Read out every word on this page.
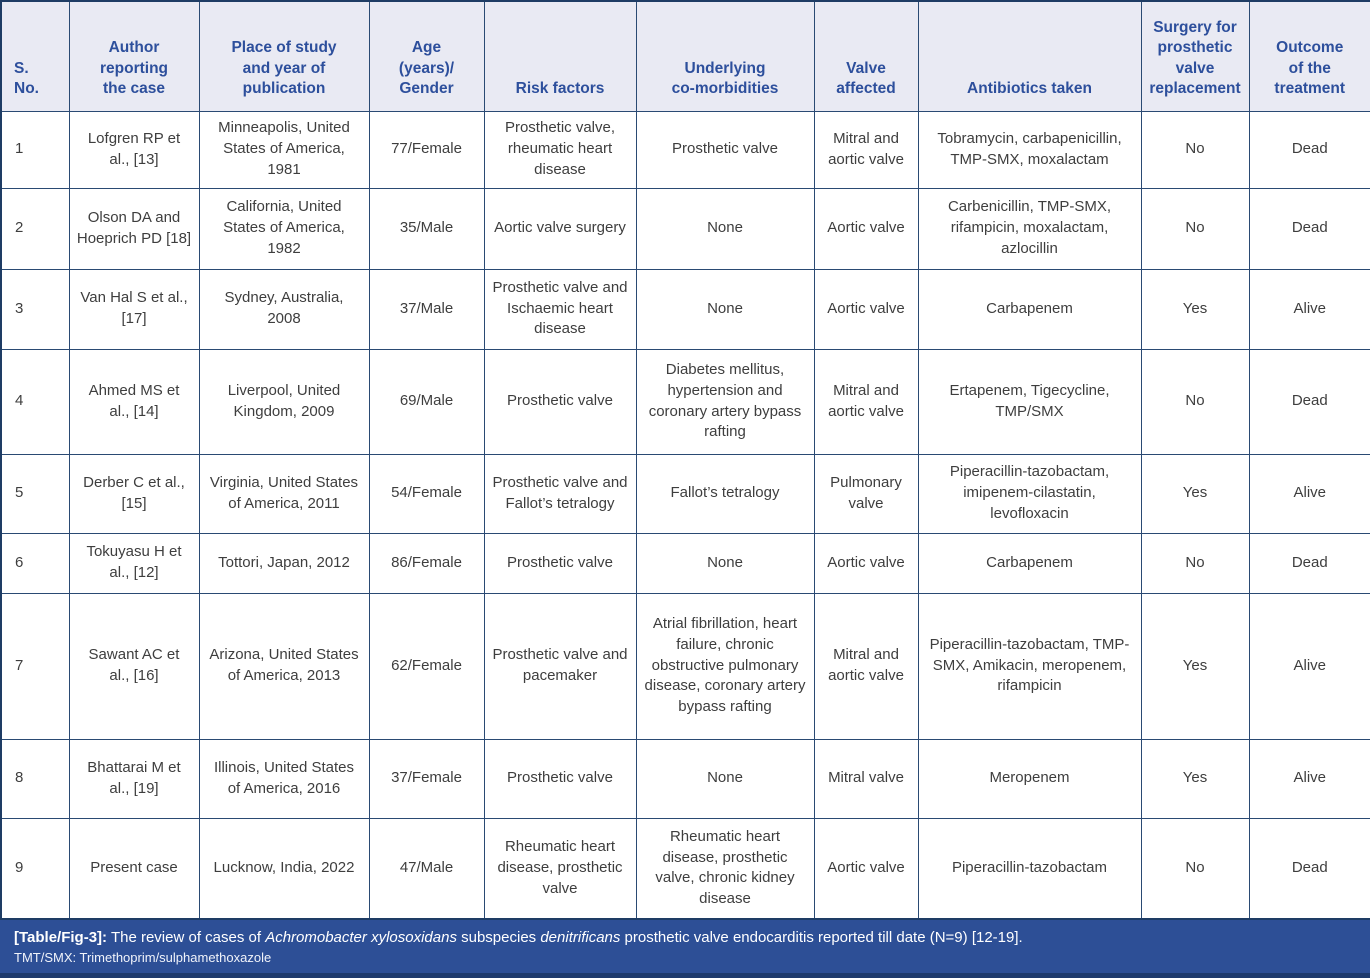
S.
No.	Author
reporting
the case	Place of study
and year of
publication	Age
(years)/
Gender	Risk factors	Underlying
co-morbidities	Valve
affected	Antibiotics taken	Surgery for
prosthetic
valve
replacement	Outcome
of the
treatment
1	Lofgren RP et al., [13]	Minneapolis, United States of America, 1981	77/Female	Prosthetic valve, rheumatic heart disease	Prosthetic valve	Mitral and aortic valve	Tobramycin, carbapenicillin, TMP-SMX, moxalactam	No	Dead
2	Olson DA and Hoeprich PD [18]	California, United States of America, 1982	35/Male	Aortic valve surgery	None	Aortic valve	Carbenicillin, TMP-SMX, rifampicin, moxalactam, azlocillin	No	Dead
3	Van Hal S et al., [17]	Sydney, Australia, 2008	37/Male	Prosthetic valve and Ischaemic heart disease	None	Aortic valve	Carbapenem	Yes	Alive
4	Ahmed MS et al., [14]	Liverpool, United Kingdom, 2009	69/Male	Prosthetic valve	Diabetes mellitus, hypertension and coronary artery bypass rafting	Mitral and aortic valve	Ertapenem, Tigecycline, TMP/SMX	No	Dead
5	Derber C et al., [15]	Virginia, United States of America, 2011	54/Female	Prosthetic valve and Fallot’s tetralogy	Fallot’s tetralogy	Pulmonary valve	Piperacillin-tazobactam, imipenem-cilastatin, levofloxacin	Yes	Alive
6	Tokuyasu H et al., [12]	Tottori, Japan, 2012	86/Female	Prosthetic valve	None	Aortic valve	Carbapenem	No	Dead
7	Sawant AC et al., [16]	Arizona, United States of America, 2013	62/Female	Prosthetic valve and pacemaker	Atrial fibrillation, heart failure, chronic obstructive pulmonary disease, coronary artery bypass rafting	Mitral and aortic valve	Piperacillin-tazobactam, TMP-SMX, Amikacin, meropenem, rifampicin	Yes	Alive
8	Bhattarai M et al., [19]	Illinois, United States of America, 2016	37/Female	Prosthetic valve	None	Mitral valve	Meropenem	Yes	Alive
9	Present case	Lucknow, India, 2022	47/Male	Rheumatic heart disease, prosthetic valve	Rheumatic heart disease, prosthetic valve, chronic kidney disease	Aortic valve	Piperacillin-tazobactam	No	Dead
[Table/Fig-3]: The review of cases of Achromobacter xylosoxidans subspecies denitrificans prosthetic valve endocarditis reported till date (N=9) [12-19].
TMT/SMX: Trimethoprim/sulphamethoxazole
